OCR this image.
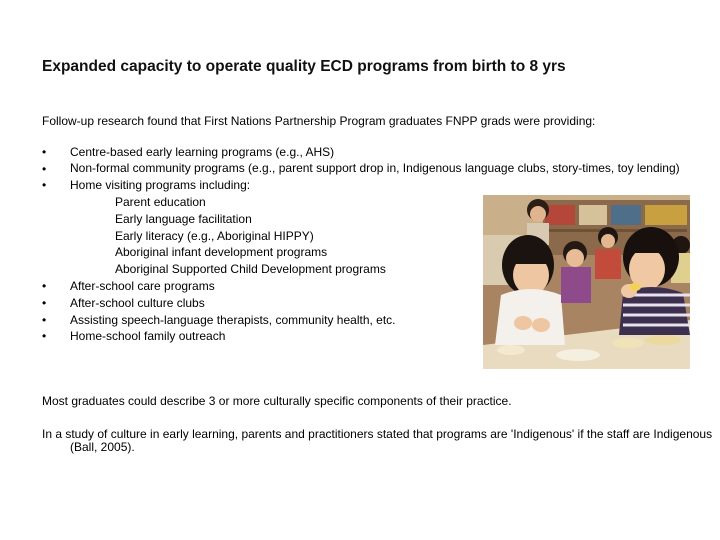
Expanded capacity to operate quality ECD programs from birth to 8 yrs

Follow-up research found that First Nations Partnership Program graduates FNPP grads were providing:

•	Centre-based early learning programs (e.g., AHS)
•	Non-formal community programs (e.g., parent support drop in, Indigenous language clubs, story-times, toy lending)
•	Home visiting programs including:
Parent education
Early language facilitation
Early literacy (e.g., Aboriginal HIPPY)
Aboriginal infant development programs
Aboriginal Supported Child Development programs
•	After-school care programs
•	After-school culture clubs
•	Assisting speech-language therapists, community health, etc.
•	Home-school family outreach

Most graduates could describe 3 or more culturally specific components of their practice.

In a study of culture in early learning, parents and practitioners stated that programs are 'Indigenous' if the staff are Indigenous (Ball, 2005).
